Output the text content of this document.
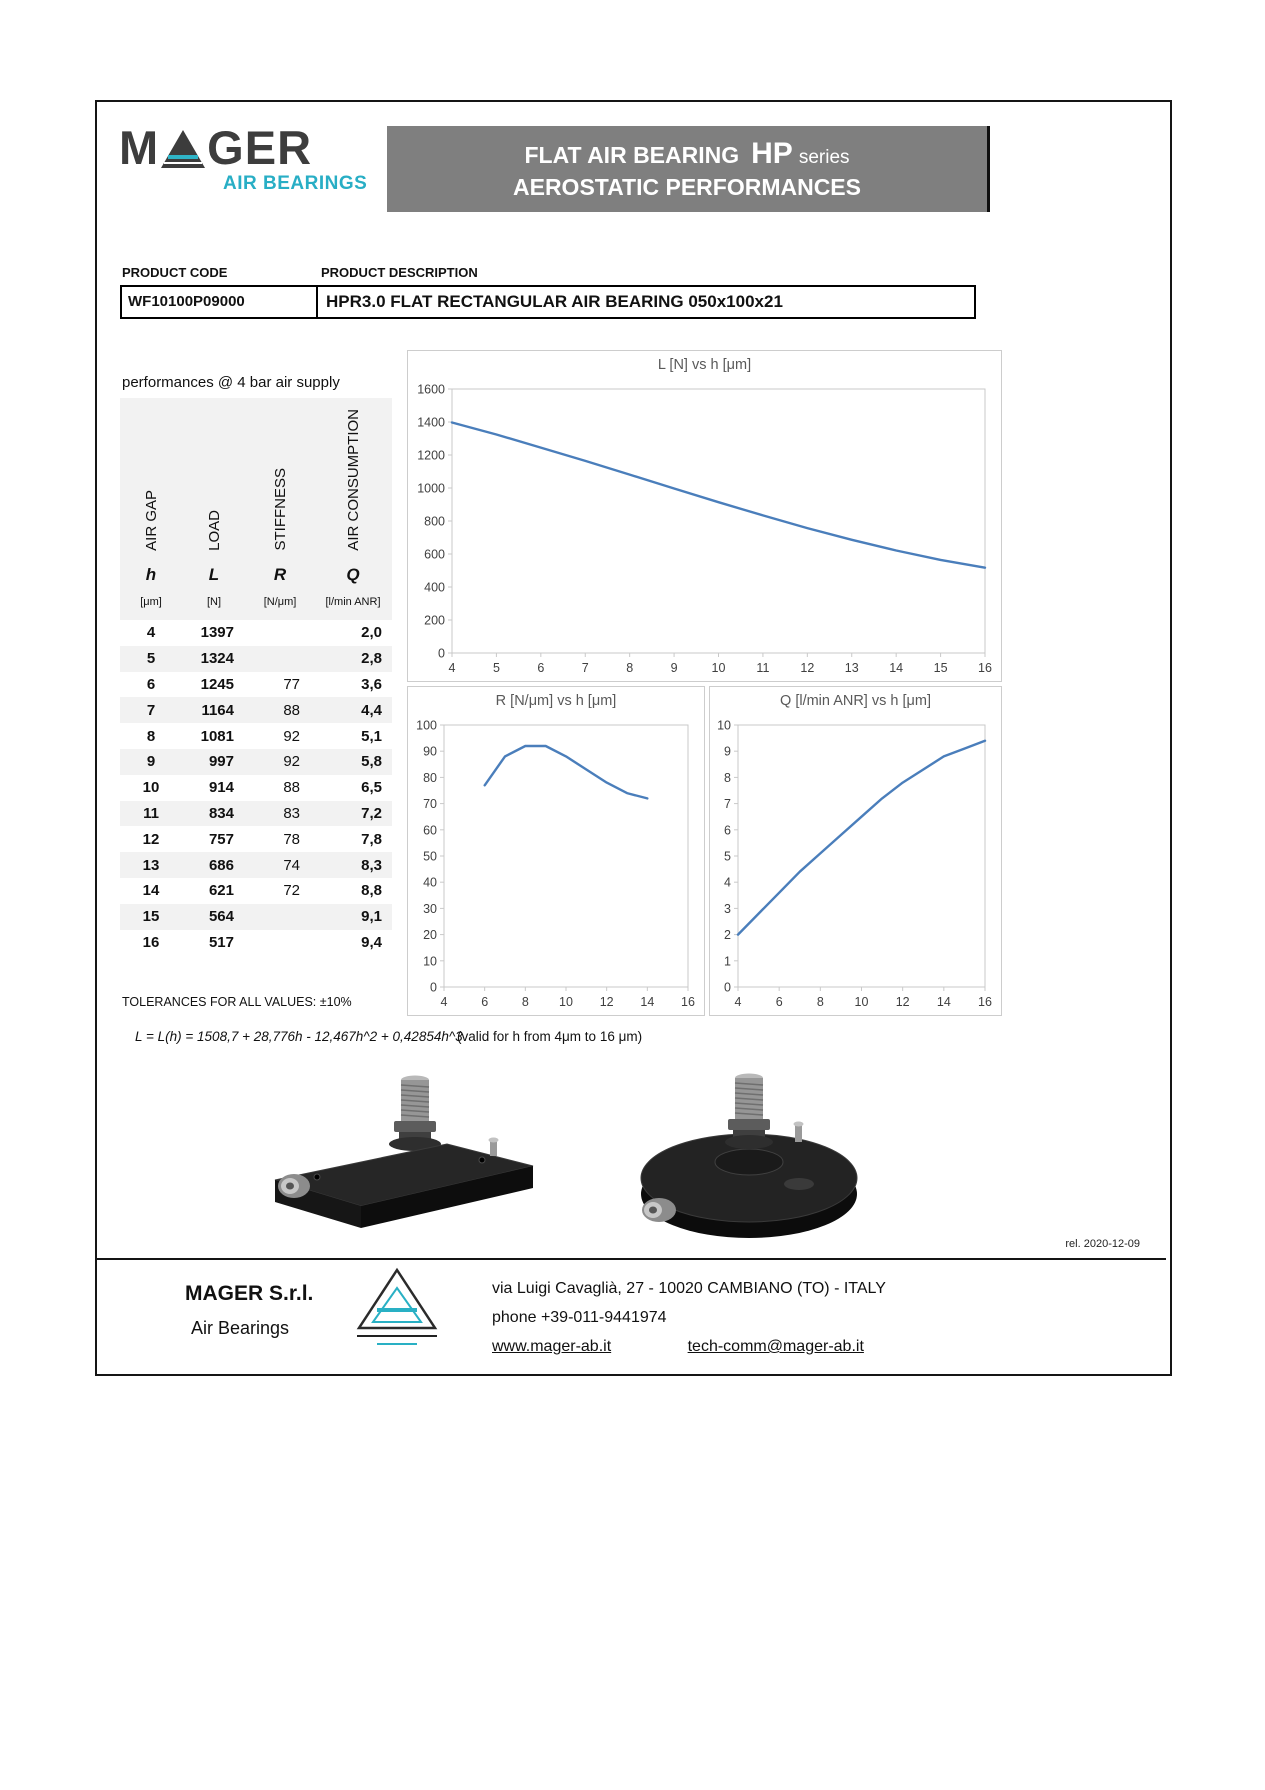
M GER
AIR BEARINGS
FLAT AIR BEARING HP series
AEROSTATIC PERFORMANCES
PRODUCT CODE	PRODUCT DESCRIPTION
WF10100P09000	HPR3.0 FLAT RECTANGULAR AIR BEARING 050x100x21
performances @ 4 bar air supply
AIR GAP	LOAD	STIFFNESS	AIR CONSUMPTION
h	L	R	Q
[μm]	[N]	[N/μm]	[l/min ANR]
4	1397		2,0
5	1324		2,8
6	1245	77	3,6
7	1164	88	4,4
8	1081	92	5,1
9	997	92	5,8
10	914	88	6,5
11	834	83	7,2
12	757	78	7,8
13	686	74	8,3
14	621	72	8,8
15	564		9,1
16	517		9,4
TOLERANCES FOR ALL VALUES: ±10%
L = L(h) = 1508,7 + 28,776h - 12,467h^2 + 0,42854h^3
(valid for h from 4μm to 16 μm)
L [N] vs h [μm]
0
200
400
600
800
1000
1200
1400
1600
4	5	6	7	8	9	10 11 12 13 14 15 16
R [N/μm] vs h [μm]
0
10
20
30
40
50
60
70
80
90
100
4	6	8 10 12 14 16
Q [l/min ANR] vs h [μm]
0
1
2
3
4
5
6
7
8
9
10
4	6	8 10 12 14 16
rel. 2020-12-09
MAGER S.r.l.
Air Bearings
via Luigi Cavaglià, 27 - 10020 CAMBIANO (TO) - ITALY
phone +39-011-9441974
www.mager-ab.it	tech-comm@mager-ab.it
